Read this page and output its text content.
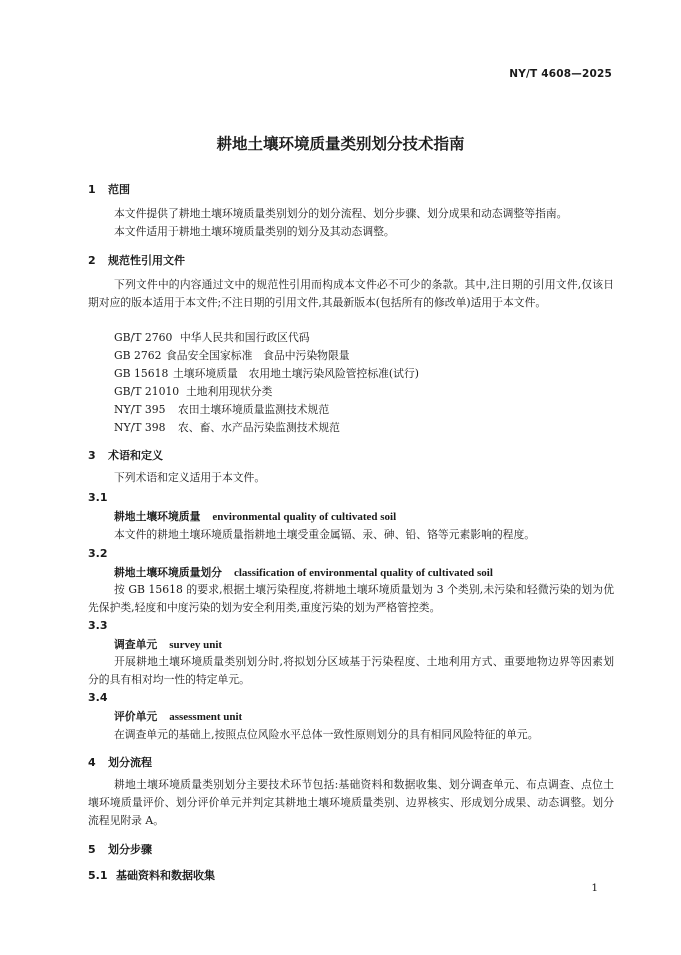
NY/T 4608—2025
耕地土壤环境质量类别划分技术指南
1 范围
本文件提供了耕地土壤环境质量类别划分的划分流程、划分步骤、划分成果和动态调整等指南。
本文件适用于耕地土壤环境质量类别的划分及其动态调整。
2 规范性引用文件
下列文件中的内容通过文中的规范性引用而构成本文件必不可少的条款。其中,注日期的引用文件,仅该日期对应的版本适用于本文件;不注日期的引用文件,其最新版本(包括所有的修改单)适用于本文件。
GB/T 2760 中华人民共和国行政区代码
GB 2762 食品安全国家标准　食品中污染物限量
GB 15618 土壤环境质量　农用地土壤污染风险管控标准(试行)
GB/T 21010 土地利用现状分类
NY/T 395 农田土壤环境质量监测技术规范
NY/T 398 农、畜、水产品污染监测技术规范
3 术语和定义
下列术语和定义适用于本文件。
3.1
耕地土壤环境质量 environmental quality of cultivated soil
本文件的耕地土壤环境质量指耕地土壤受重金属镉、汞、砷、铅、铬等元素影响的程度。
3.2
耕地土壤环境质量划分 classification of environmental quality of cultivated soil
按 GB 15618 的要求,根据土壤污染程度,将耕地土壤环境质量划为 3 个类别,未污染和轻微污染的划为优先保护类,轻度和中度污染的划为安全利用类,重度污染的划为严格管控类。
3.3
调查单元 survey unit
开展耕地土壤环境质量类别划分时,将拟划分区域基于污染程度、土地利用方式、重要地物边界等因素划分的具有相对均一性的特定单元。
3.4
评价单元 assessment unit
在调查单元的基础上,按照点位风险水平总体一致性原则划分的具有相同风险特征的单元。
4 划分流程
耕地土壤环境质量类别划分主要技术环节包括:基础资料和数据收集、划分调查单元、布点调查、点位土壤环境质量评价、划分评价单元并判定其耕地土壤环境质量类别、边界核实、形成划分成果、动态调整。划分流程见附录 A。
5 划分步骤
5.1 基础资料和数据收集
1
